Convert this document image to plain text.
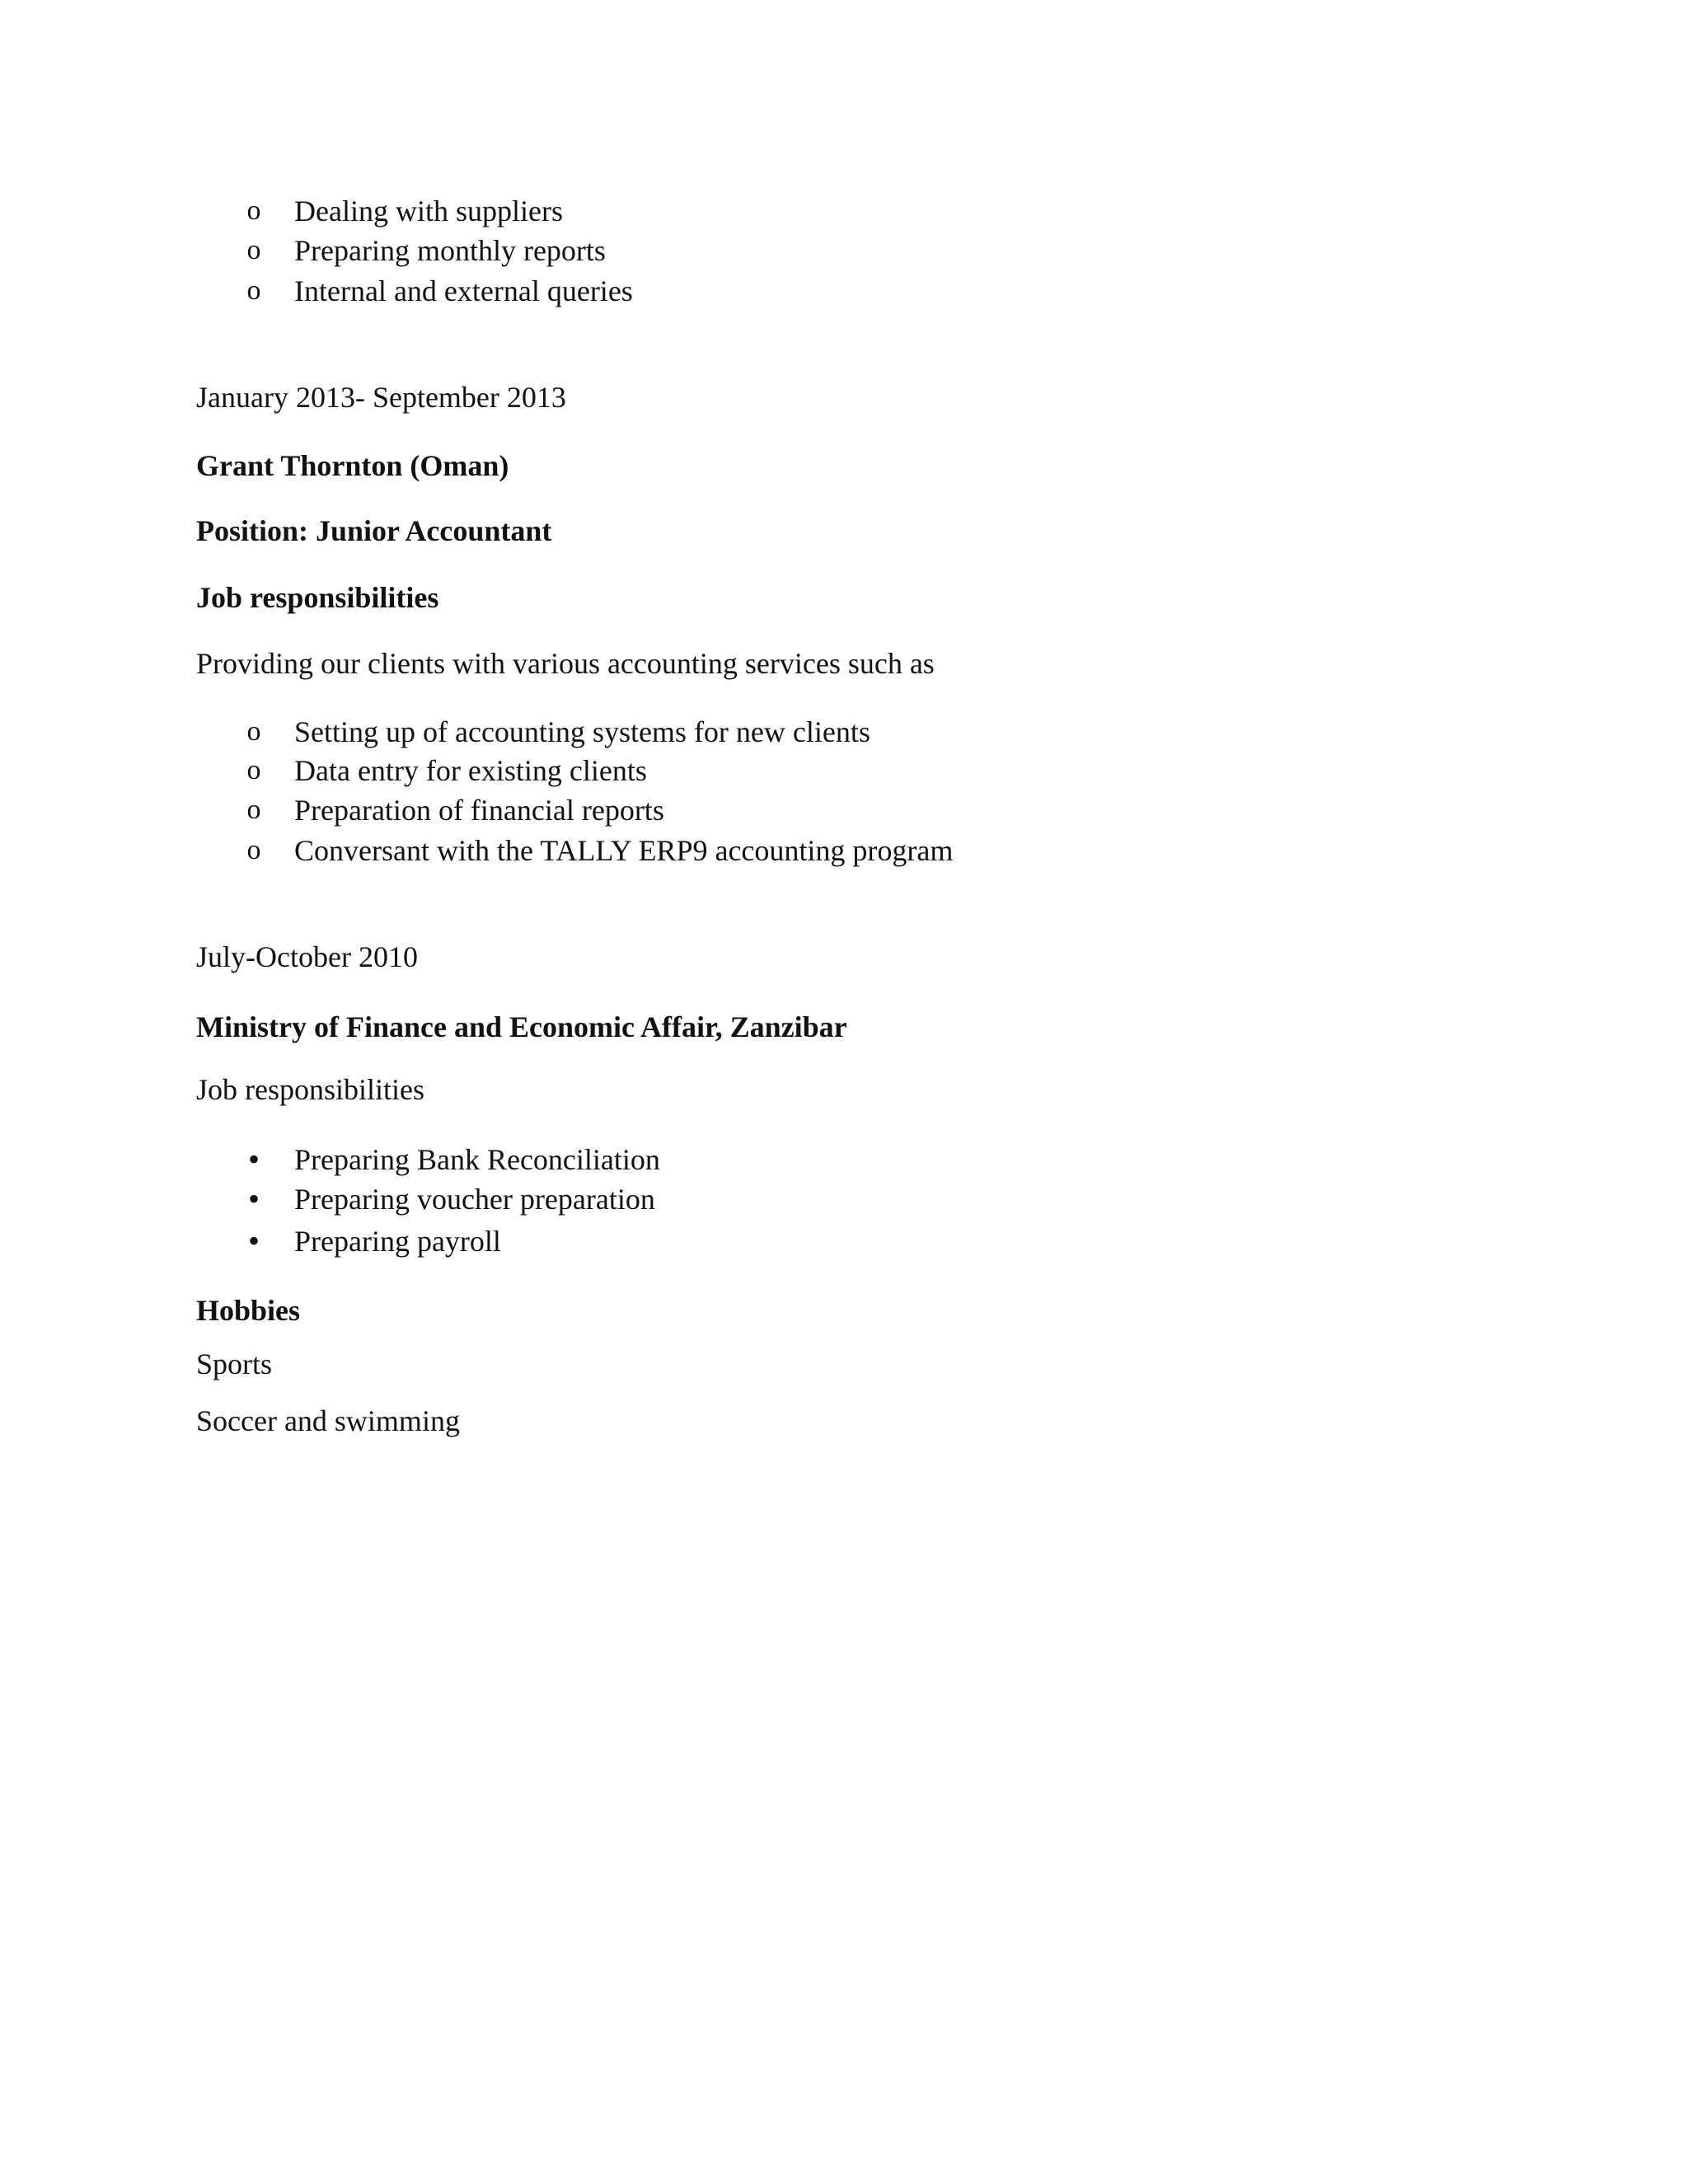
o Dealing with suppliers
o Preparing monthly reports
o Internal and external queries
January 2013- September 2013
Grant Thornton (Oman)
Position: Junior Accountant
Job responsibilities
Providing our clients with various accounting services such as
o Setting up of accounting systems for new clients
o Data entry for existing clients
o Preparation of financial reports
o Conversant with the TALLY ERP9 accounting program
July-October 2010
Ministry of Finance and Economic Affair, Zanzibar
Job responsibilities
• Preparing Bank Reconciliation
• Preparing voucher preparation
• Preparing payroll
Hobbies
Sports
Soccer and swimming
